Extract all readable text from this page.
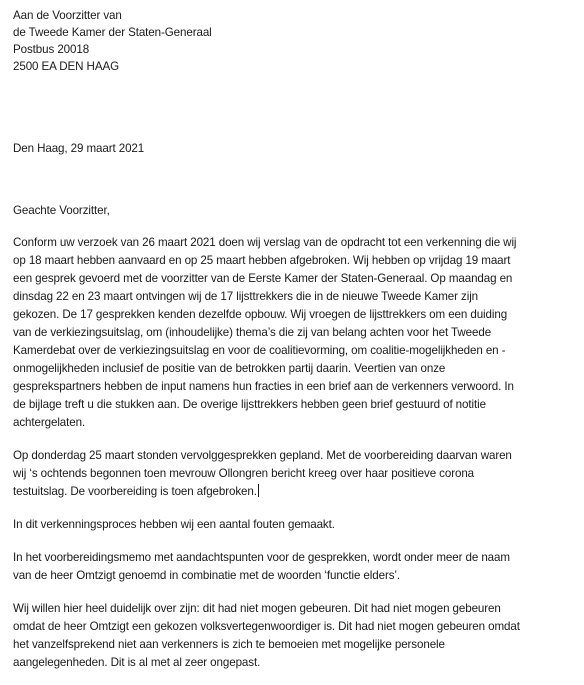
Aan de Voorzitter van
de Tweede Kamer der Staten-Generaal
Postbus 20018
2500 EA DEN HAAG
Den Haag, 29 maart 2021
Geachte Voorzitter,
Conform uw verzoek van 26 maart 2021 doen wij verslag van de opdracht tot een verkenning die wij
op 18 maart hebben aanvaard en op 25 maart hebben afgebroken. Wij hebben op vrijdag 19 maart
een gesprek gevoerd met de voorzitter van de Eerste Kamer der Staten-Generaal. Op maandag en
dinsdag 22 en 23 maart ontvingen wij de 17 lijsttrekkers die in de nieuwe Tweede Kamer zijn
gekozen. De 17 gesprekken kenden dezelfde opbouw. Wij vroegen de lijsttrekkers om een duiding
van de verkiezingsuitslag, om (inhoudelijke) thema’s die zij van belang achten voor het Tweede
Kamerdebat over de verkiezingsuitslag en voor de coalitievorming, om coalitie-mogelijkheden en -
onmogelijkheden inclusief de positie van de betrokken partij daarin. Veertien van onze
gesprekspartners hebben de input namens hun fracties in een brief aan de verkenners verwoord. In
de bijlage treft u die stukken aan. De overige lijsttrekkers hebben geen brief gestuurd of notitie
achtergelaten.
Op donderdag 25 maart stonden vervolggesprekken gepland. Met de voorbereiding daarvan waren
wij ‘s ochtends begonnen toen mevrouw Ollongren bericht kreeg over haar positieve corona
testuitslag. De voorbereiding is toen afgebroken.
In dit verkenningsproces hebben wij een aantal fouten gemaakt.
In het voorbereidingsmemo met aandachtspunten voor de gesprekken, wordt onder meer de naam
van de heer Omtzigt genoemd in combinatie met de woorden ‘functie elders’.
Wij willen hier heel duidelijk over zijn: dit had niet mogen gebeuren. Dit had niet mogen gebeuren
omdat de heer Omtzigt een gekozen volksvertegenwoordiger is. Dit had niet mogen gebeuren omdat
het vanzelfsprekend niet aan verkenners is zich te bemoeien met mogelijke personele
aangelegenheden. Dit is al met al zeer ongepast.
